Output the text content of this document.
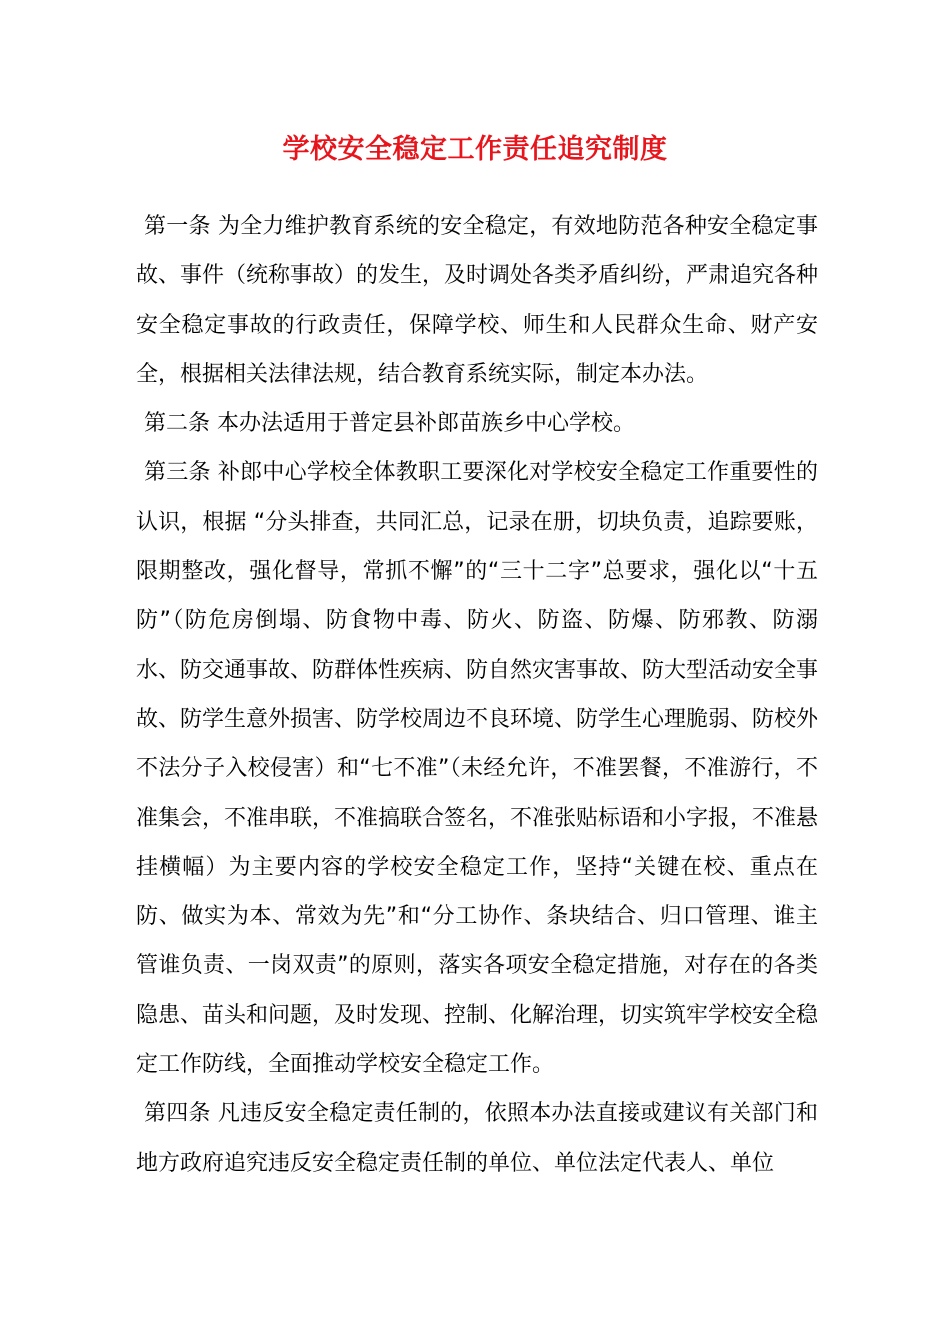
学校安全稳定工作责任追究制度

第一条 为全力维护教育系统的安全稳定，有效地防范各种安全稳定事故、事件（统称事故）的发生，及时调处各类矛盾纠纷，严肃追究各种安全稳定事故的行政责任，保障学校、师生和人民群众生命、财产安全，根据相关法律法规，结合教育系统实际，制定本办法。

第二条 本办法适用于普定县补郎苗族乡中心学校。

第三条 补郎中心学校全体教职工要深化对学校安全稳定工作重要性的认识，根据 “分头排查，共同汇总，记录在册，切块负责，追踪要账，限期整改，强化督导，常抓不懈”的“三十二字”总要求，强化以“十五防”（防危房倒塌、防食物中毒、防火、防盗、防爆、防邪教、防溺水、防交通事故、防群体性疾病、防自然灾害事故、防大型活动安全事故、防学生意外损害、防学校周边不良环境、防学生心理脆弱、防校外不法分子入校侵害）和“七不准”（未经允许，不准罢餐，不准游行，不准集会，不准串联，不准搞联合签名，不准张贴标语和小字报，不准悬挂横幅）为主要内容的学校安全稳定工作，坚持“关键在校、重点在防、做实为本、常效为先”和“分工协作、条块结合、归口管理、谁主管谁负责、一岗双责”的原则，落实各项安全稳定措施，对存在的各类隐患、苗头和问题，及时发现、控制、化解治理，切实筑牢学校安全稳定工作防线，全面推动学校安全稳定工作。

第四条 凡违反安全稳定责任制的，依照本办法直接或建议有关部门和地方政府追究违反安全稳定责任制的单位、单位法定代表人、单位
